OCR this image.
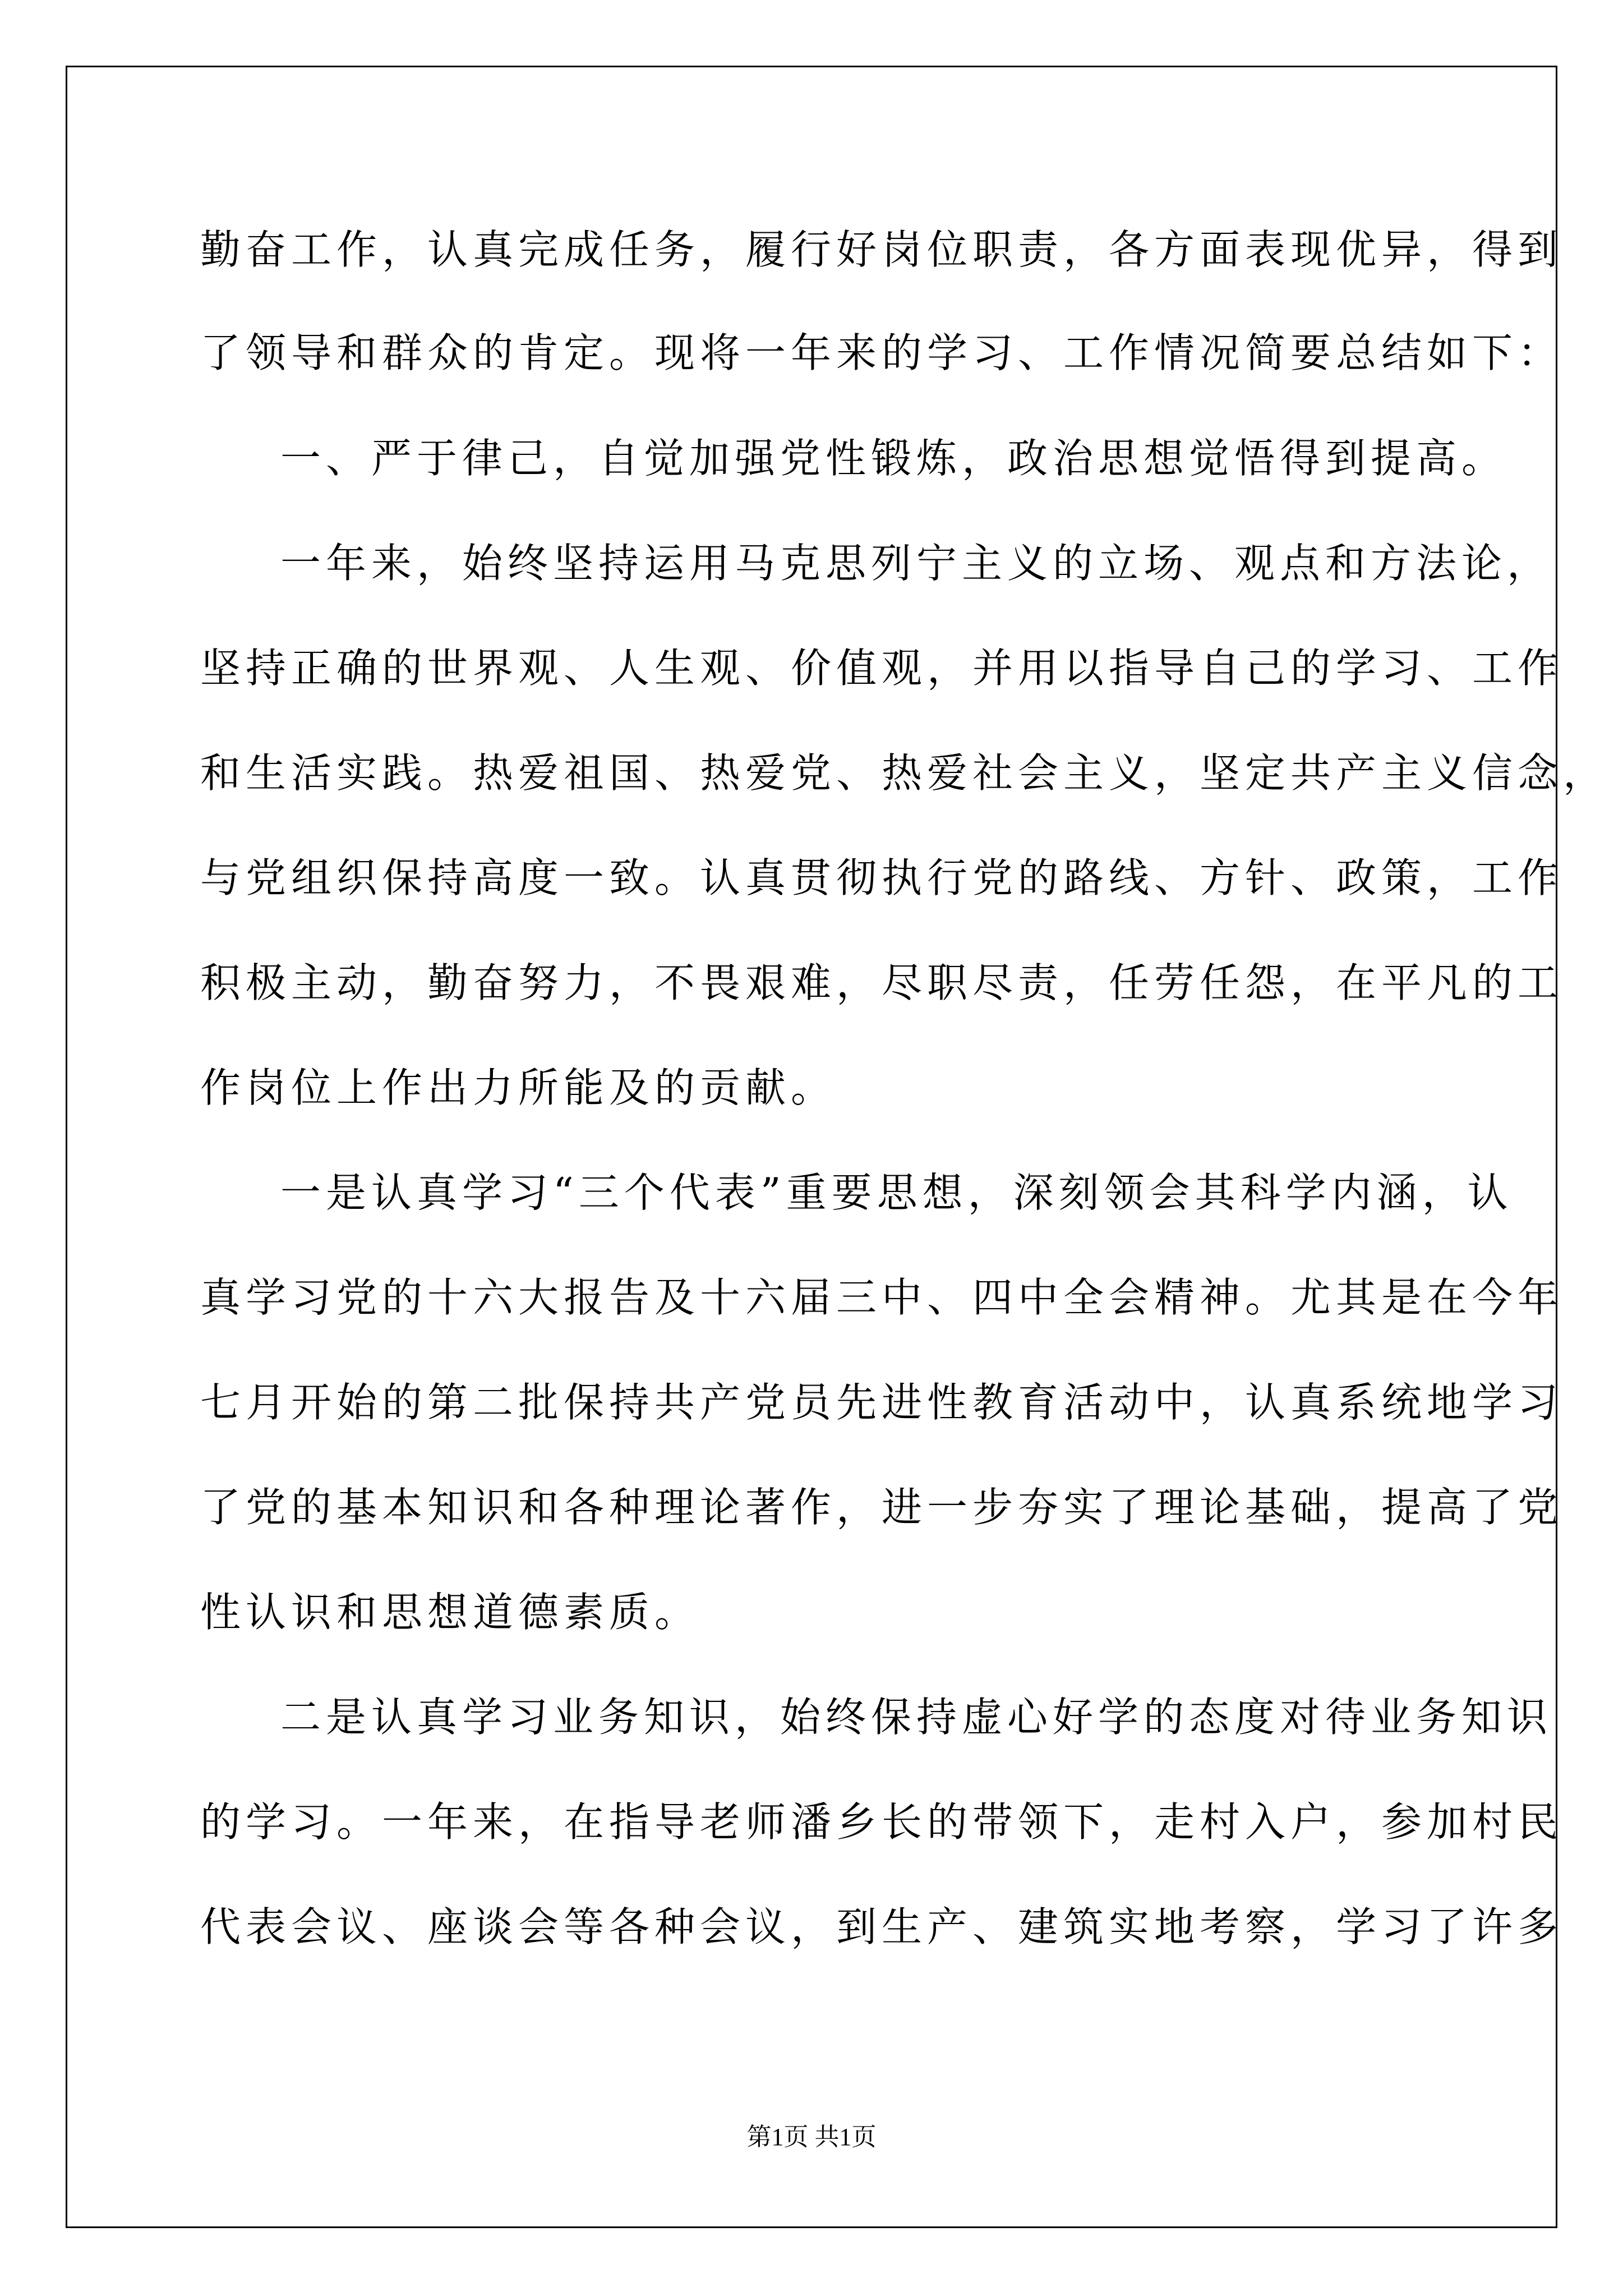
勤奋工作，认真完成任务，履行好岗位职责，各方面表现优异，得到
了领导和群众的肯定。现将一年来的学习、工作情况简要总结如下：
一、严于律己，自觉加强党性锻炼，政治思想觉悟得到提高。
一年来，始终坚持运用马克思列宁主义的立场、观点和方法论，
坚持正确的世界观、人生观、价值观，并用以指导自己的学习、工作
和生活实践。热爱祖国、热爱党、热爱社会主义，坚定共产主义信念，
与党组织保持高度一致。认真贯彻执行党的路线、方针、政策，工作
积极主动，勤奋努力，不畏艰难，尽职尽责，任劳任怨，在平凡的工
作岗位上作出力所能及的贡献。
一是认真学习“三个代表”重要思想，深刻领会其科学内涵，认
真学习党的十六大报告及十六届三中、四中全会精神。尤其是在今年
七月开始的第二批保持共产党员先进性教育活动中，认真系统地学习
了党的基本知识和各种理论著作，进一步夯实了理论基础，提高了党
性认识和思想道德素质。
二是认真学习业务知识，始终保持虚心好学的态度对待业务知识
的学习。一年来，在指导老师潘乡长的带领下，走村入户，参加村民
代表会议、座谈会等各种会议，到生产、建筑实地考察，学习了许多
第1页 共1页
